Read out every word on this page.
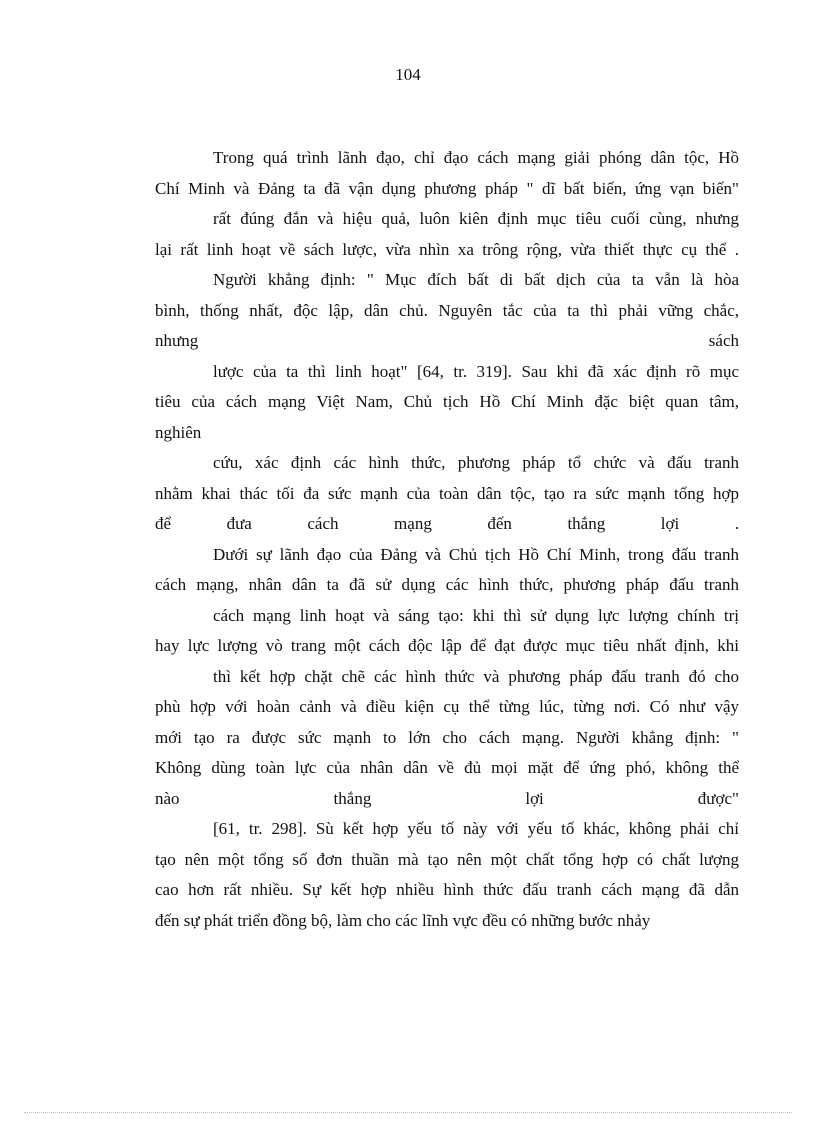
104
Trong quá trình lãnh đạo, chỉ đạo cách mạng giải phóng dân tộc, Hồ
Chí Minh và Đảng ta đã vận dụng phương pháp " dĩ bất biến, ứng vạn biến"
rất đúng đắn và hiệu quả, luôn kiên định mục tiêu cuối cùng, nhưng
lại rất linh hoạt về sách lược, vừa nhìn xa trông rộng, vừa thiết thực cụ thể .
Người khẳng định: " Mục đích bất di bất dịch của ta vẫn là hòa
bình, thống nhất, độc lập, dân chủ. Nguyên tắc của ta thì phải vững chắc,
nhưng sách
lược của ta thì linh hoạt" [64, tr. 319]. Sau khi đã xác định rõ mục
tiêu của cách mạng Việt Nam, Chủ tịch Hồ Chí Minh đặc biệt quan tâm,
nghiên
cứu, xác định các hình thức, phương pháp tổ chức và đấu tranh
nhằm khai thác tối đa sức mạnh của toàn dân tộc, tạo ra sức mạnh tổng hợp
để đưa cách mạng đến thắng lợi .
Dưới sự lãnh đạo của Đảng và Chủ tịch Hồ Chí Minh, trong đấu tranh
cách mạng, nhân dân ta đã sử dụng các hình thức, phương pháp đấu tranh
cách mạng linh hoạt và sáng tạo: khi thì sử dụng lực lượng chính trị
hay lực lượng vò trang một cách độc lập để đạt được mục tiêu nhất định, khi
thì kết hợp chặt chẽ các hình thức và phương pháp đấu tranh đó cho
phù hợp với hoàn cảnh và điều kiện cụ thể từng lúc, từng nơi. Có như vậy
mới tạo ra được sức mạnh to lớn cho cách mạng. Người khẳng định: "
Không dùng toàn lực của nhân dân về đủ mọi mặt để ứng phó, không thể
nào thắng lợi được"
[61, tr. 298]. Sù kết hợp yếu tố này với yếu tố khác, không phải chỉ
tạo nên một tổng số đơn thuần mà tạo nên một chất tổng hợp có chất lượng
cao hơn rất nhiều. Sự kết hợp nhiều hình thức đấu tranh cách mạng đã dẫn
đến sự phát triển đồng bộ, làm cho các lĩnh vực đều có những bước nhảy
